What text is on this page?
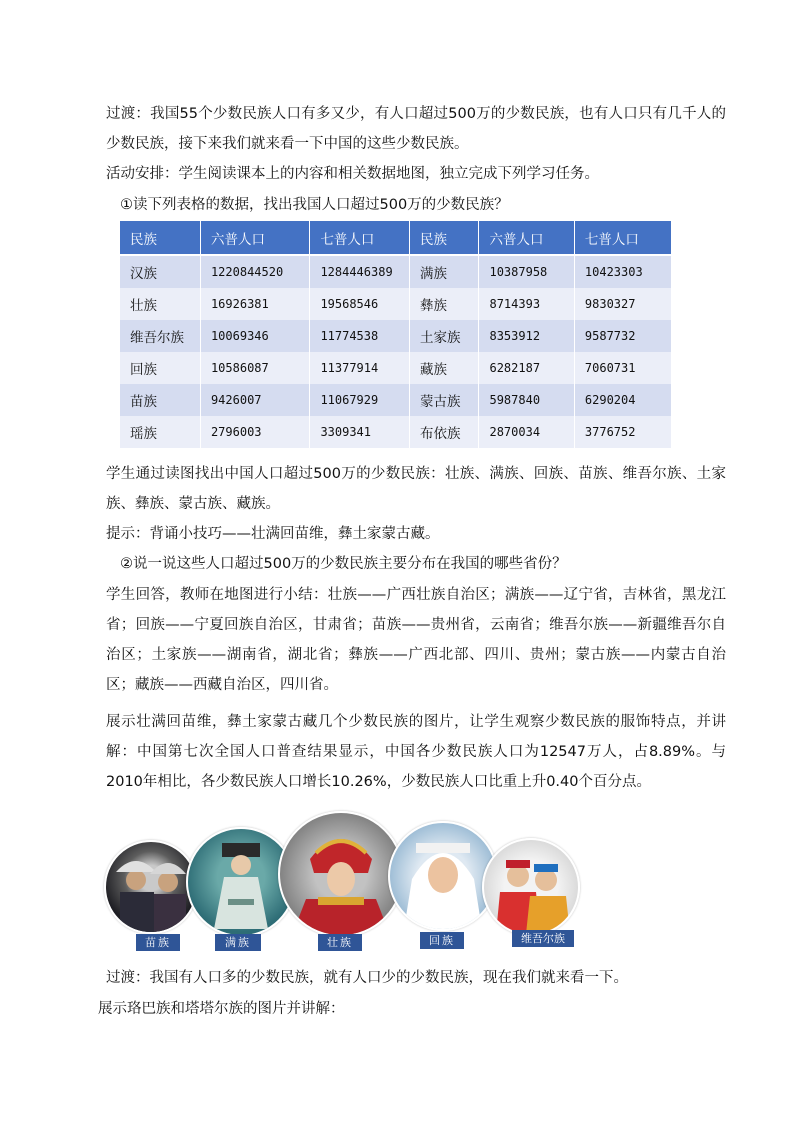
过渡：我国55个少数民族人口有多又少，有人口超过500万的少数民族，也有人口只有几千人的少数民族，接下来我们就来看一下中国的这些少数民族。
活动安排：学生阅读课本上的内容和相关数据地图，独立完成下列学习任务。
①读下列表格的数据，找出我国人口超过500万的少数民族？
民族	六普人口	七普人口	民族	六普人口	七普人口
汉族	1220844520	1284446389	满族	10387958	10423303
壮族	16926381	19568546	彝族	8714393	9830327
维吾尔族	10069346	11774538	土家族	8353912	9587732
回族	10586087	11377914	藏族	6282187	7060731
苗族	9426007	11067929	蒙古族	5987840	6290204
瑶族	2796003	3309341	布依族	2870034	3776752
学生通过读图找出中国人口超过500万的少数民族：壮族、满族、回族、苗族、维吾尔族、土家族、彝族、蒙古族、藏族。
提示：背诵小技巧——壮满回苗维，彝土家蒙古藏。
②说一说这些人口超过500万的少数民族主要分布在我国的哪些省份？
学生回答，教师在地图进行小结：壮族——广西壮族自治区；满族——辽宁省，吉林省，黑龙江省；回族——宁夏回族自治区，甘肃省；苗族——贵州省，云南省；维吾尔族——新疆维吾尔自治区；土家族——湖南省，湖北省；彝族——广西北部、四川、贵州；蒙古族——内蒙古自治区；藏族——西藏自治区，四川省。
展示壮满回苗维，彝土家蒙古藏几个少数民族的图片，让学生观察少数民族的服饰特点，并讲解：中国第七次全国人口普查结果显示，中国各少数民族人口为12547万人，占8.89%。与2010年相比，各少数民族人口增长10.26%，少数民族人口比重上升0.40个百分点。
苗族	满族	壮族	回族	维吾尔族
过渡：我国有人口多的少数民族，就有人口少的少数民族，现在我们就来看一下。
展示珞巴族和塔塔尔族的图片并讲解：
